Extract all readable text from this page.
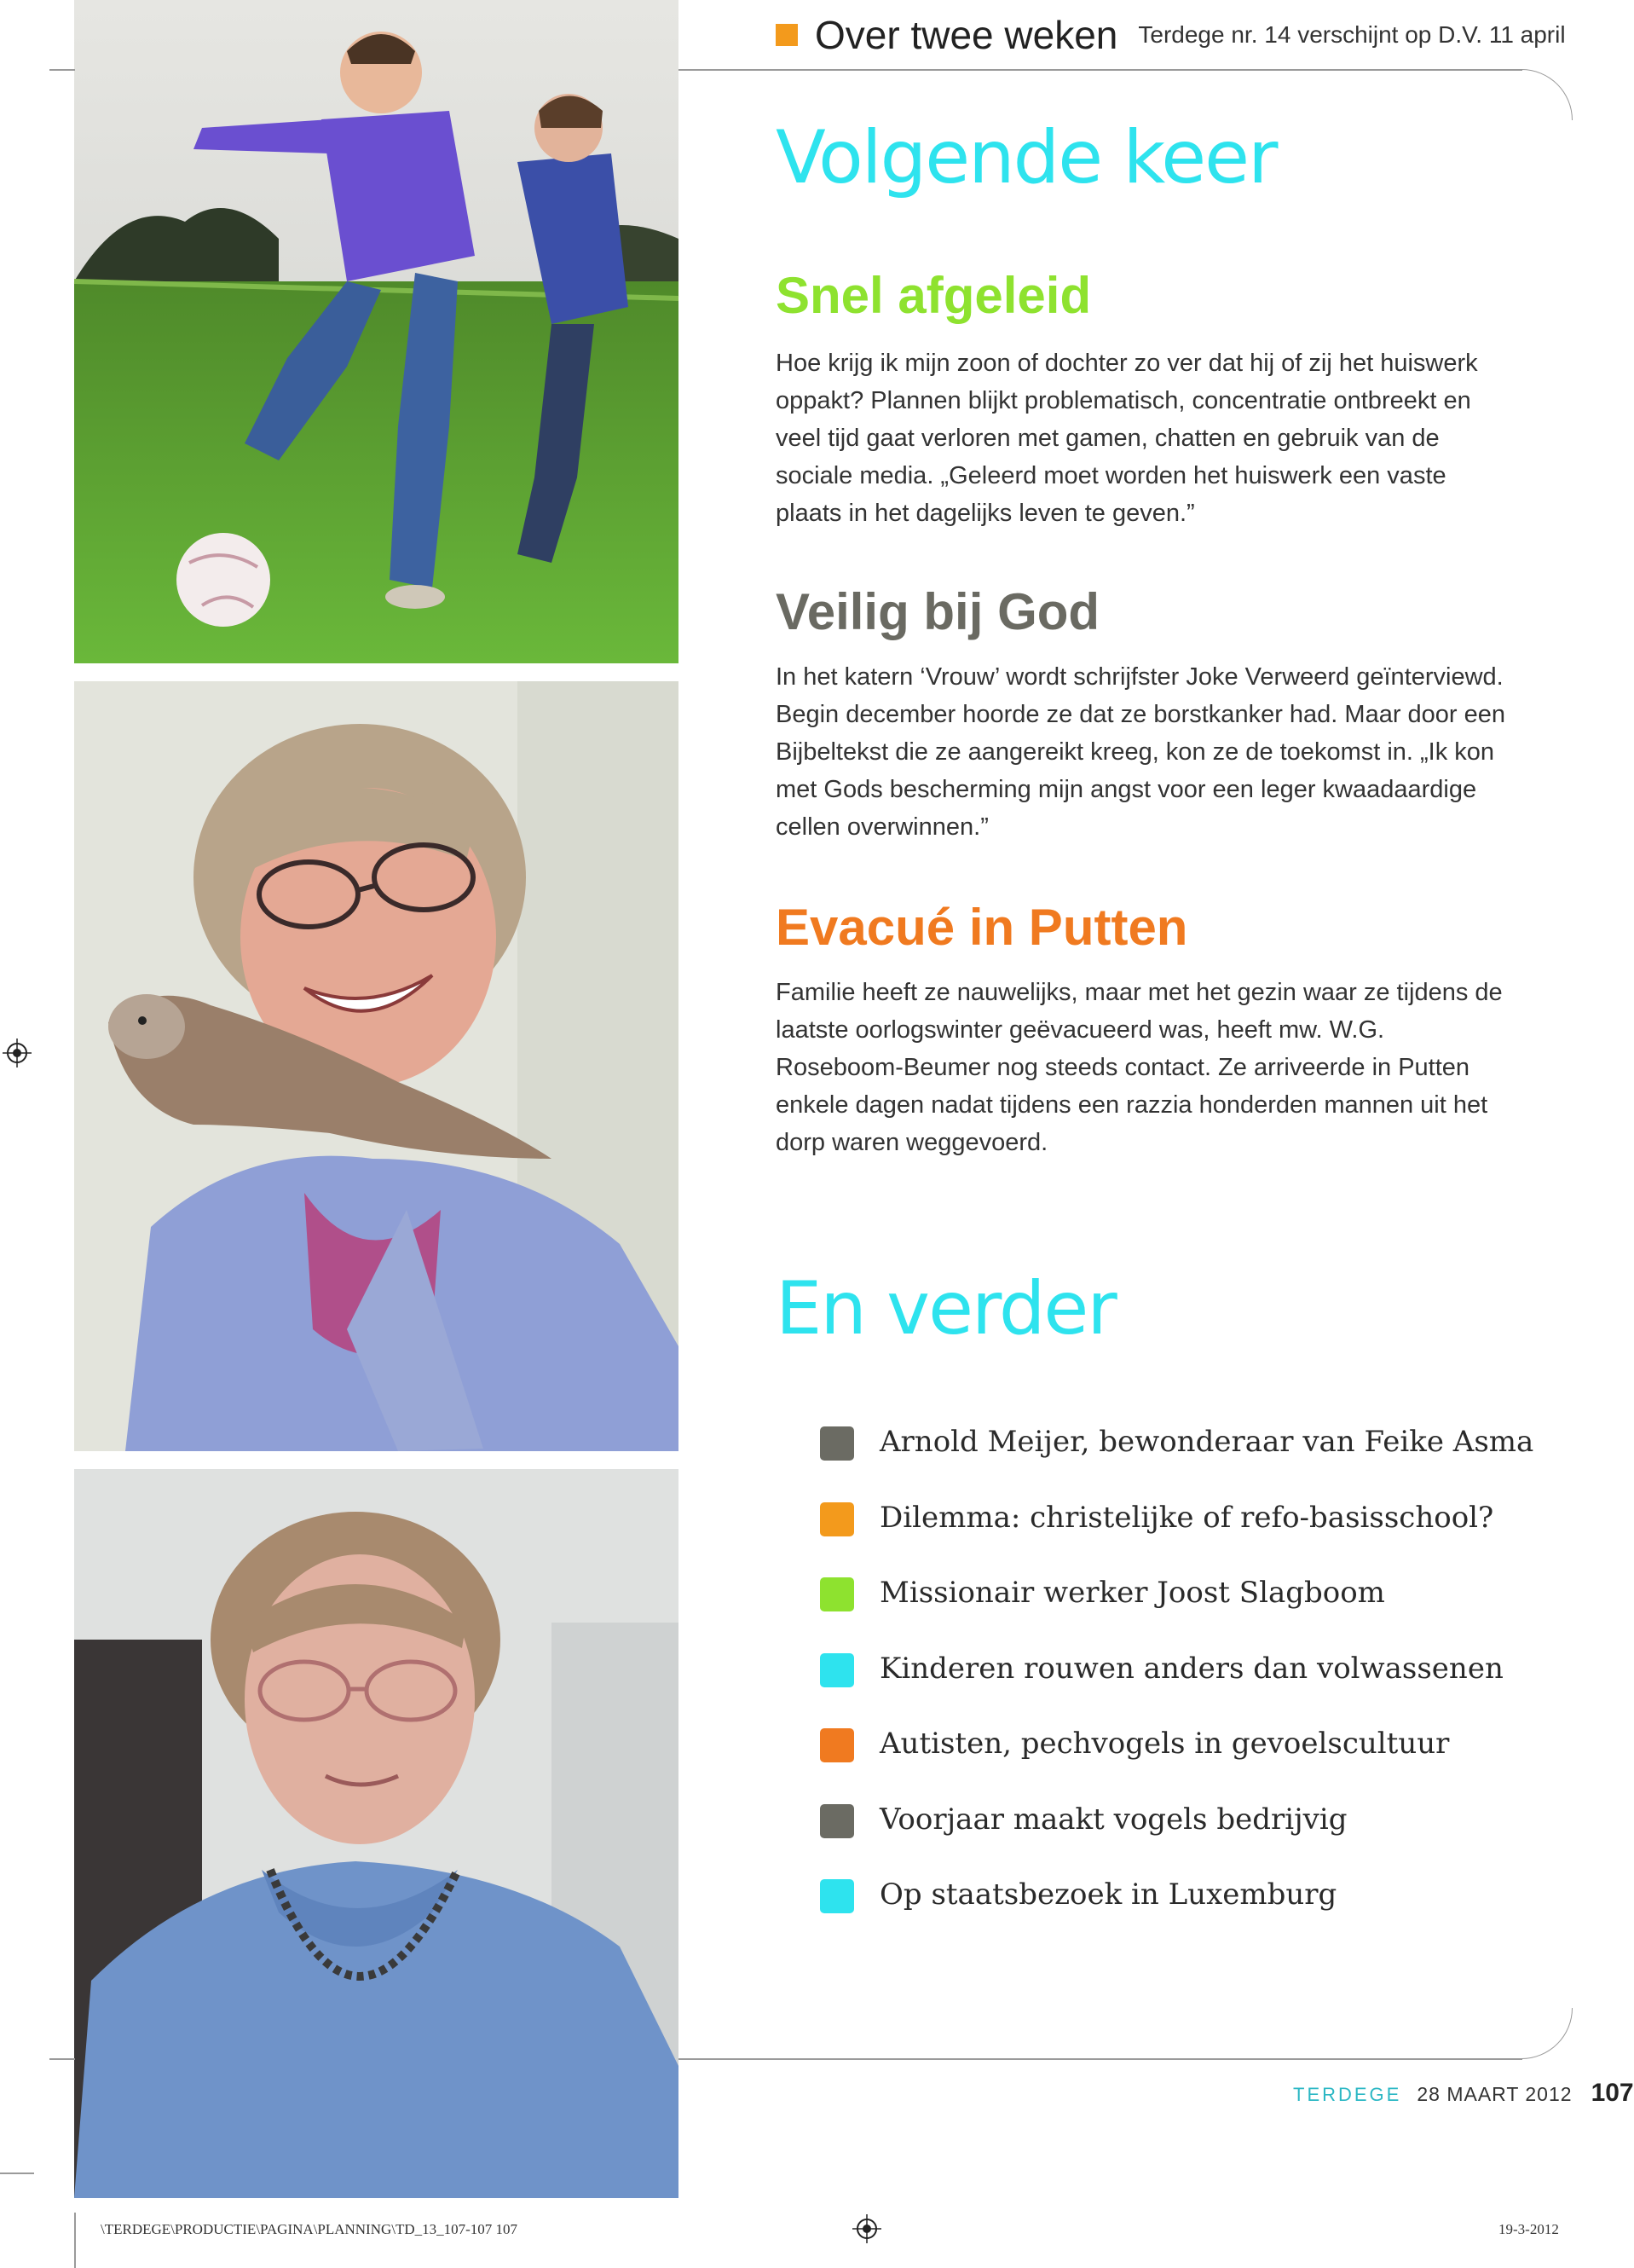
Over twee weken Terdege nr. 14 verschijnt op D.V. 11 april
Volgende keer
Snel afgeleid
Hoe krijg ik mijn zoon of dochter zo ver dat hij of zij het huiswerk oppakt? Plannen blijkt problematisch, concentratie ontbreekt en veel tijd gaat verloren met gamen, chatten en gebruik van de sociale media. „Geleerd moet worden het huiswerk een vaste plaats in het dagelijks leven te geven.”
Veilig bij God
In het katern ‘Vrouw’ wordt schrijfster Joke Verweerd geïnterviewd. Begin december hoorde ze dat ze borstkanker had. Maar door een Bijbeltekst die ze aangereikt kreeg, kon ze de toekomst in. „Ik kon met Gods bescherming mijn angst voor een leger kwaadaardige cellen overwinnen.”
Evacué in Putten
Familie heeft ze nauwelijks, maar met het gezin waar ze tijdens de laatste oorlogswinter geëvacueerd was, heeft mw. W.G. Roseboom-Beumer nog steeds contact. Ze arriveerde in Putten enkele dagen nadat tijdens een razzia honderden mannen uit het dorp waren weggevoerd.
En verder
Arnold Meijer, bewonderaar van Feike Asma
Dilemma: christelijke of refo-basisschool?
Missionair werker Joost Slagboom
Kinderen rouwen anders dan volwassenen
Autisten, pechvogels in gevoelscultuur
Voorjaar maakt vogels bedrijvig
Op staatsbezoek in Luxemburg
TERDEGE 28 MAART 2012 107
\TERDEGE\PRODUCTIE\PAGINA\PLANNING\TD_13_107-107 107	19-3-2012
